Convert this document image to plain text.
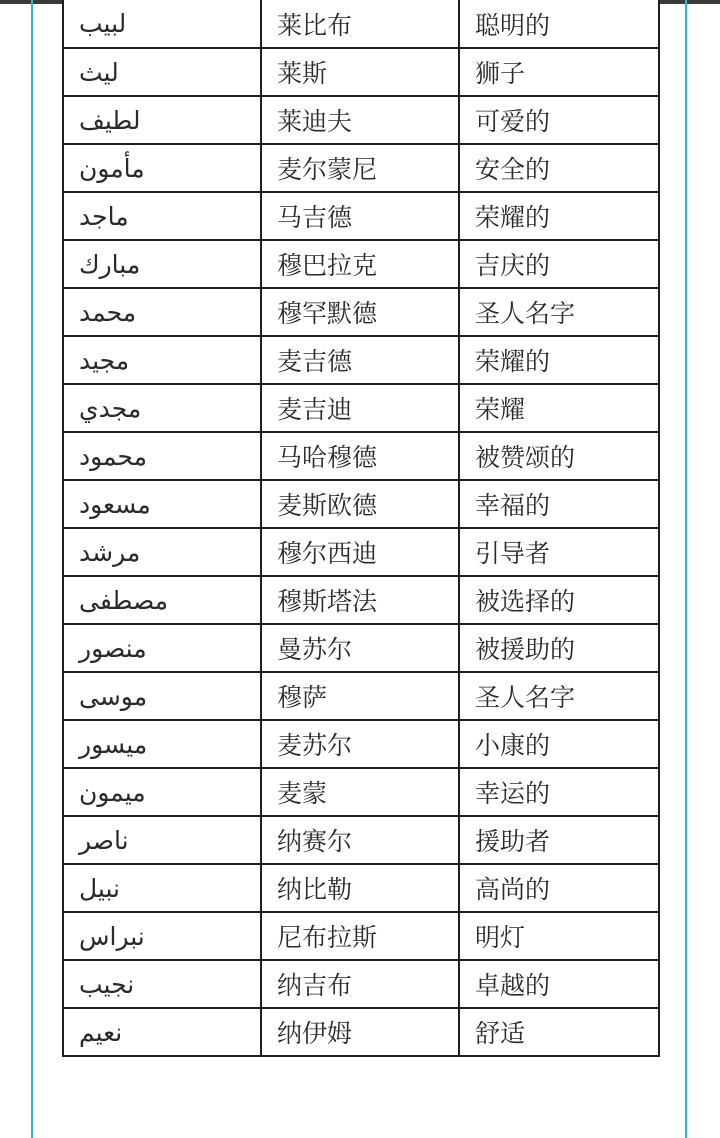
لبيب	莱比布	聪明的
ليث	莱斯	狮子
لطيف	莱迪夫	可爱的
مأمون	麦尔蒙尼	安全的
ماجد	马吉德	荣耀的
مبارك	穆巴拉克	吉庆的
محمد	穆罕默德	圣人名字
مجيد	麦吉德	荣耀的
مجدي	麦吉迪	荣耀
محمود	马哈穆德	被赞颂的
مسعود	麦斯欧德	幸福的
مرشد	穆尔西迪	引导者
مصطفى	穆斯塔法	被选择的
منصور	曼苏尔	被援助的
موسى	穆萨	圣人名字
ميسور	麦苏尔	小康的
ميمون	麦蒙	幸运的
ناصر	纳赛尔	援助者
نبيل	纳比勒	高尚的
نبراس	尼布拉斯	明灯
نجيب	纳吉布	卓越的
نعيم	纳伊姆	舒适
